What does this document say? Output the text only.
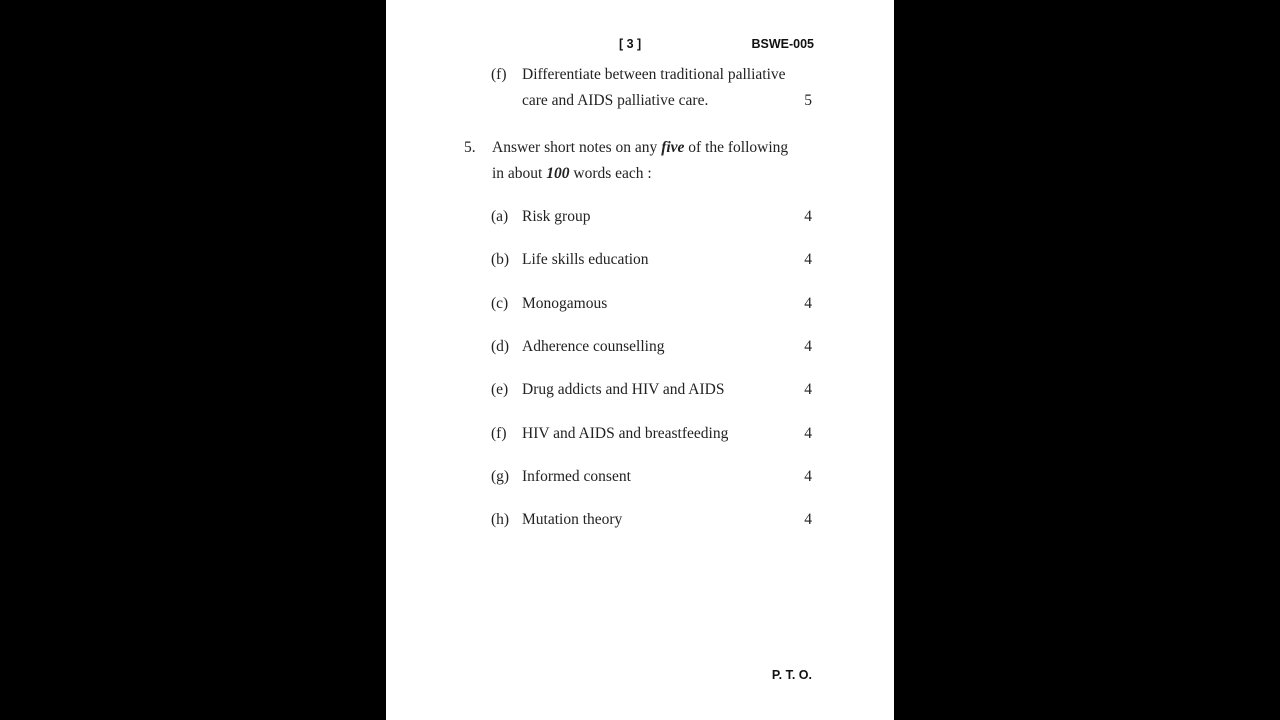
[ 3 ]	BSWE-005
(f) Differentiate between traditional palliative
care and AIDS palliative care.	5
5. Answer short notes on any five of the following
in about 100 words each :
(a) Risk group	4
(b) Life skills education	4
(c) Monogamous	4
(d) Adherence counselling	4
(e) Drug addicts and HIV and AIDS	4
(f) HIV and AIDS and breastfeeding	4
(g) Informed consent	4
(h) Mutation theory	4
P. T. O.
